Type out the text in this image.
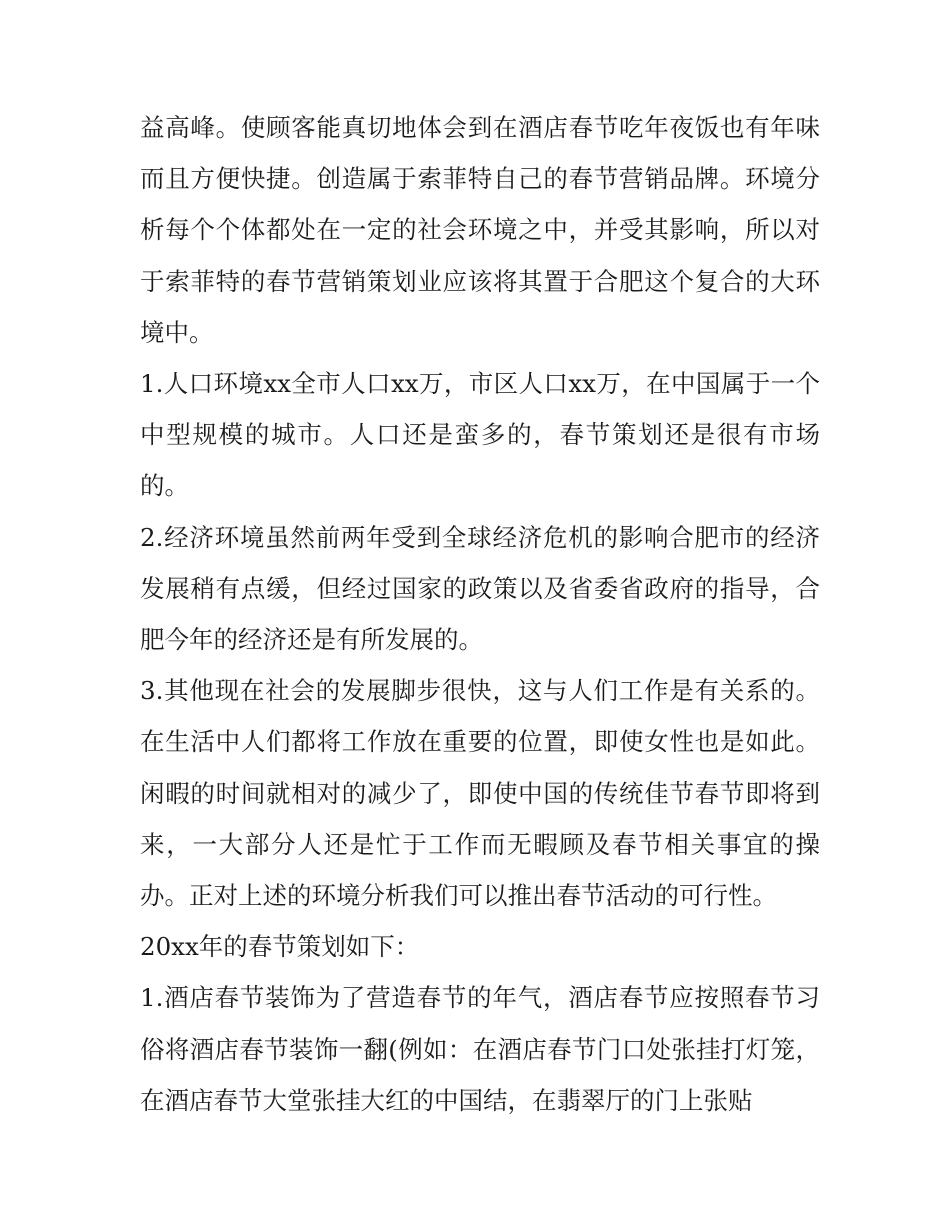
益高峰。使顾客能真切地体会到在酒店春节吃年夜饭也有年味而且方便快捷。创造属于索菲特自己的春节营销品牌。环境分析每个个体都处在一定的社会环境之中，并受其影响，所以对于索菲特的春节营销策划业应该将其置于合肥这个复合的大环境中。

1.人口环境xx全市人口xx万，市区人口xx万，在中国属于一个中型规模的城市。人口还是蛮多的，春节策划还是很有市场的。

2.经济环境虽然前两年受到全球经济危机的影响合肥市的经济发展稍有点缓，但经过国家的政策以及省委省政府的指导，合肥今年的经济还是有所发展的。

3.其他现在社会的发展脚步很快，这与人们工作是有关系的。在生活中人们都将工作放在重要的位置，即使女性也是如此。闲暇的时间就相对的减少了，即使中国的传统佳节春节即将到来，一大部分人还是忙于工作而无暇顾及春节相关事宜的操办。正对上述的环境分析我们可以推出春节活动的可行性。

20xx年的春节策划如下：

1.酒店春节装饰为了营造春节的年气，酒店春节应按照春节习俗将酒店春节装饰一翻(例如：在酒店春节门口处张挂打灯笼，在酒店春节大堂张挂大红的中国结，在翡翠厅的门上张贴
